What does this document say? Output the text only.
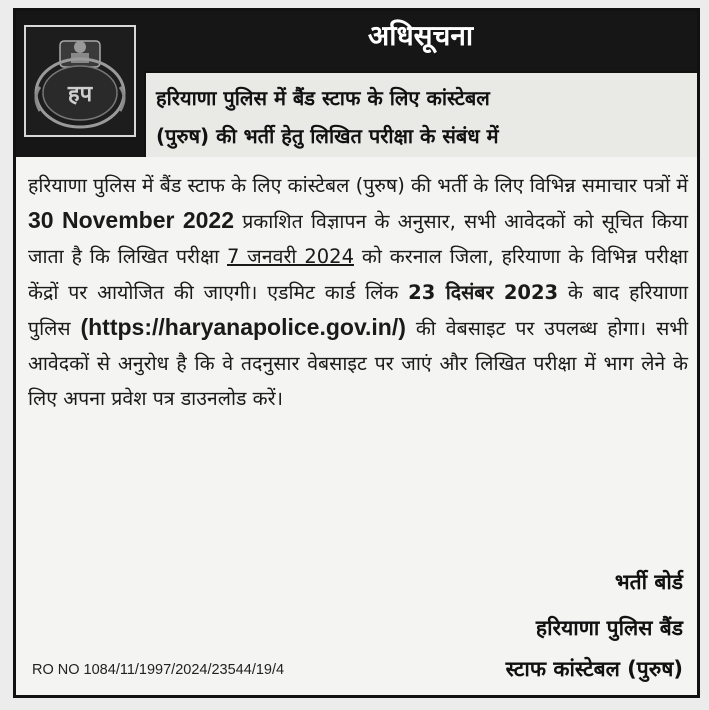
हप
अधिसूचना
हरियाणा पुलिस में बैंड स्टाफ के लिए कांस्टेबल
(पुरुष) की भर्ती हेतु लिखित परीक्षा के संबंध में

हरियाणा पुलिस में बैंड स्टाफ के लिए कांस्टेबल (पुरुष) की भर्ती के लिए विभिन्न समाचार पत्रों में 30 November 2022 प्रकाशित विज्ञापन के अनुसार, सभी आवेदकों को सूचित किया जाता है कि लिखित परीक्षा 7 जनवरी 2024 को करनाल जिला, हरियाणा के विभिन्न परीक्षा केंद्रों पर आयोजित की जाएगी। एडमिट कार्ड लिंक 23 दिसंबर 2023 के बाद हरियाणा पुलिस (https://haryanapolice.gov.in/) की वेबसाइट पर उपलब्ध होगा। सभी आवेदकों से अनुरोध है कि वे तदनुसार वेबसाइट पर जाएं और लिखित परीक्षा में भाग लेने के लिए अपना प्रवेश पत्र डाउनलोड करें।

भर्ती बोर्ड
हरियाणा पुलिस बैंड
स्टाफ कांस्टेबल (पुरुष)
RO NO 1084/11/1997/2024/23544/19/4
